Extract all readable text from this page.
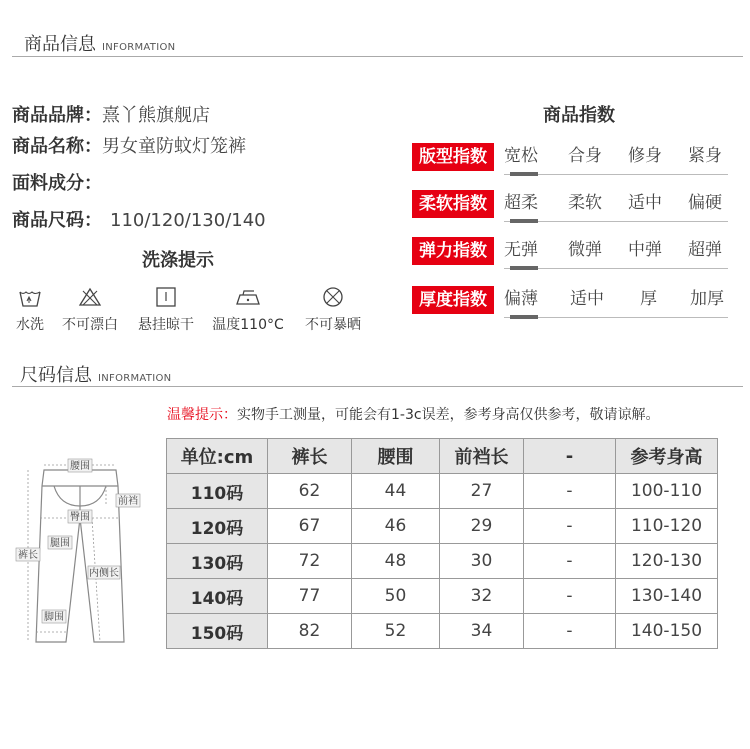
商品信息 INFORMATION
商品品牌：熹丫熊旗舰店
商品名称：男女童防蚊灯笼裤
面料成分：
商品尺码： 110/120/130/140
商品指数
版型指数	宽松 合身 修身 紧身
柔软指数	超柔 柔软 适中 偏硬
弹力指数	无弹 微弹 中弹 超弹
厚度指数	偏薄 适中 厚 加厚
洗涤提示
水洗 不可漂白 悬挂晾干	温度110°C	不可暴晒
尺码信息 INFORMATION
温馨提示：实物手工测量，可能会有1-3c误差，参考身高仅供参考，敬请谅解。
腰围
前裆
臀围
腿围
裤长
内侧长
脚围
单位:cm	裤长	腰围	前裆长	-	参考身高
110码	62	44	27	-	100-110
120码	67	46	29	-	110-120
130码	72	48	30	-	120-130
140码	77	50	32	-	130-140
150码	82	52	34	-	140-150
